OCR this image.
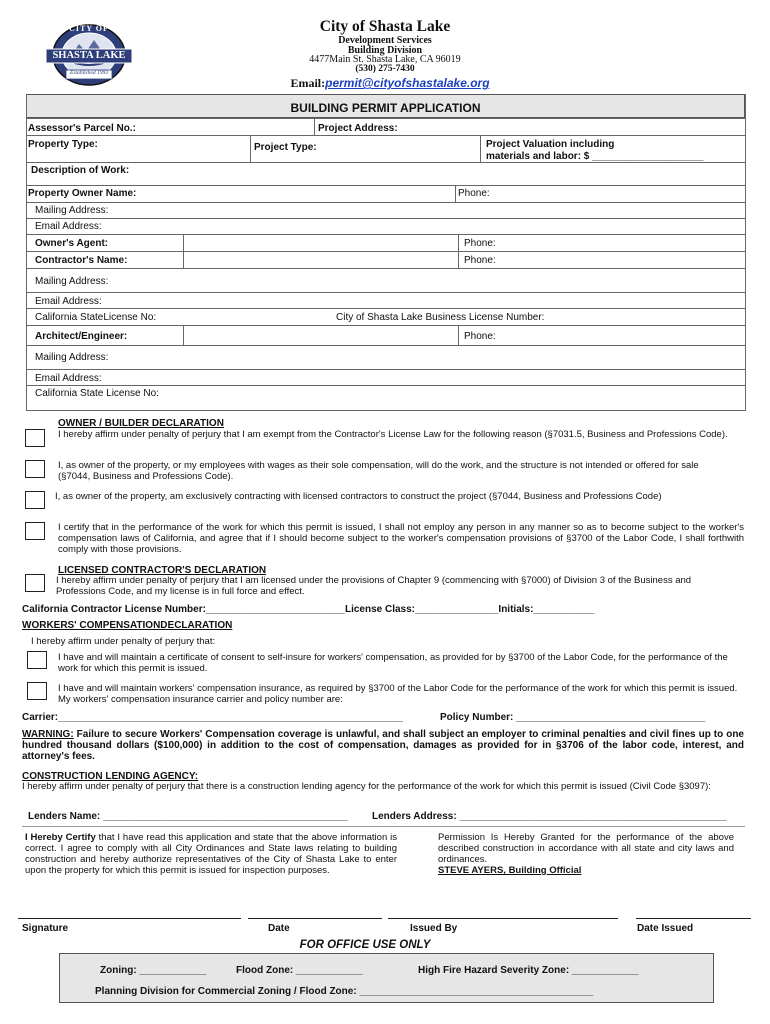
CITY OF
SHASTA LAKE
Established 1993
City of Shasta Lake
Development Services
Building Division
4477Main St. Shasta Lake, CA 96019
(530) 275-7430
Email:permit@cityofshastalake.org
BUILDING PERMIT APPLICATION
Assessor's Parcel No.:	Project Address:
Property Type:	Project Type:	Project Valuation including
materials and labor: $ ____________________
Description of Work:
Property Owner Name:	Phone:
Mailing Address:
Email Address:
Owner's Agent:	Phone:
Contractor's Name:	Phone:
Mailing Address:
Email Address:
California StateLicense No:	City of Shasta Lake Business License Number:
Architect/Engineer:	Phone:
Mailing Address:
Email Address:
California State License No:
OWNER / BUILDER DECLARATION
I hereby affirm under penalty of perjury that I am exempt from the Contractor's License Law for the following reason (§7031.5, Business and Professions Code).
I, as owner of the property, or my employees with wages as their sole compensation, will do the work, and the structure is not intended or offered for sale (§7044, Business and Professions Code).
I, as owner of the property, am exclusively contracting with licensed contractors to construct the project (§7044, Business and Professions Code)
I certify that in the performance of the work for which this permit is issued, I shall not employ any person in any manner so as to become subject to the worker's compensation laws of California, and agree that if I should become subject to the worker's compensation provisions of §3700 of the Labor Code, I shall forthwith comply with those provisions.
LICENSED CONTRACTOR'S DECLARATION
I hereby affirm under penalty of perjury that I am licensed under the provisions of Chapter 9 (commencing with §7000) of Division 3 of the Business and Professions Code, and my license is in full force and effect.
California Contractor License Number:_________________________License Class:_______________Initials:___________
WORKERS' COMPENSATIONDECLARATION
I hereby affirm under penalty of perjury that:
I have and will maintain a certificate of consent to self-insure for workers' compensation, as provided for by §3700 of the Labor Code, for the performance of the work for which this permit is issued.
I have and will maintain workers' compensation insurance, as required by §3700 of the Labor Code for the performance of the work for which this permit is issued. My workers' compensation insurance carrier and policy number are:
Carrier:______________________________________________________________	Policy Number: __________________________________
WARNING: Failure to secure Workers' Compensation coverage is unlawful, and shall subject an employer to criminal penalties and civil fines up to one hundred thousand dollars ($100,000) in addition to the cost of compensation, damages as provided for in §3706 of the labor code, interest, and attorney's fees.
CONSTRUCTION LENDING AGENCY:
I hereby affirm under penalty of perjury that there is a construction lending agency for the performance of the work for which this permit is issued (Civil Code §3097):
Lenders Name: ____________________________________________ Lenders Address: ________________________________________________
I Hereby Certify that I have read this application and state that the above information is correct. I agree to comply with all City Ordinances and State laws relating to building construction and hereby authorize representatives of the City of Shasta Lake to enter upon the property for which this permit is issued for inspection purposes.
Permission Is Hereby Granted for the performance of the above described construction in accordance with all state and city laws and ordinances.
STEVE AYERS, Building Official
Signature	Date	Issued By	Date Issued
FOR OFFICE USE ONLY
Zoning: ____________	Flood Zone: ____________	High Fire Hazard Severity Zone: ____________
Planning Division for Commercial Zoning / Flood Zone: __________________________________________
